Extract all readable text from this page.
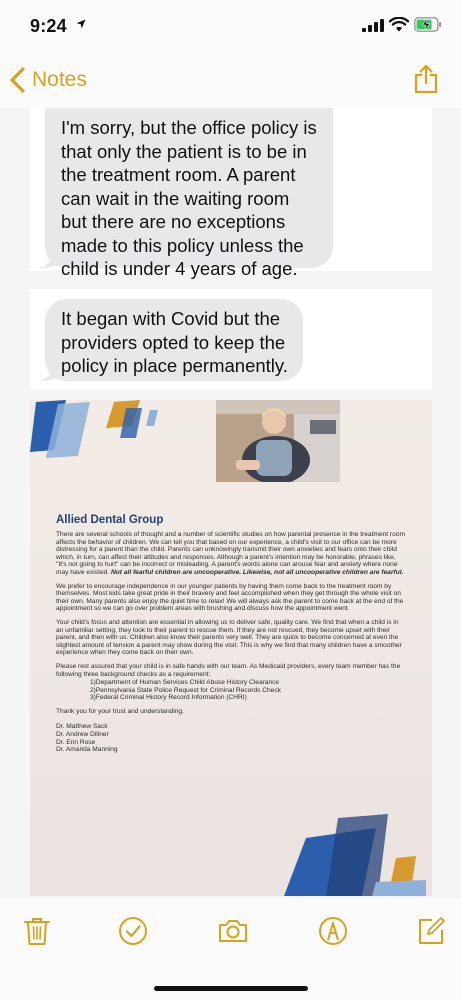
9:24
Notes
I'm sorry, but the office policy is that only the patient is to be in the treatment room. A parent can wait in the waiting room but there are no exceptions made to this policy unless the child is under 4 years of age.
It began with Covid but the providers opted to keep the policy in place permanently.
Allied Dental Group

There are several schools of thought and a number of scientific studies on how parental presence in the treatment room affects the behavior of children. We can tell you that based on our experience, a child's visit to our office can be more distressing for a parent than the child. Parents can unknowingly transmit their own anxieties and fears onto their child which, in turn, can affect their attitudes and responses. Although a parent's intention may be honorable, phrases like, "It's not going to hurt" can be incorrect or misleading. A parent's words alone can arouse fear and anxiety where none may have existed. Not all fearful children are uncooperative. Likewise, not all uncooperative children are fearful.

We prefer to encourage independence in our younger patients by having them come back to the treatment room by themselves. Most kids take great pride in their bravery and feel accomplished when they get through the whole visit on their own. Many parents also enjoy the quiet time to relax! We will always ask the parent to come back at the end of the appointment so we can go over problem areas with brushing and discuss how the appointment went.

Your child's focus and attention are essential in allowing us to deliver safe, quality care. We find that when a child is in an unfamiliar setting, they look to their parent to rescue them. If they are not rescued, they become upset with their parent, and then with us. Children also know their parents very well. They are quick to become concerned at even the slightest amount of tension a parent may show during the visit. This is why we find that many children have a smoother experience when they come back on their own.

Please rest assured that your child is in safe hands with our team. As Medicaid providers, every team member has the following three background checks as a requirement:

1)Department of Human Services Child Abuse History Clearance
2)Pennsylvania State Police Request for Criminal Records Check
3)Federal Criminal History Record Information (CHRI)

Thank you for your trust and understanding.

Dr. Matthew Sack
Dr. Andrew Dillner
Dr. Erin Rose
Dr. Amanda Manning
